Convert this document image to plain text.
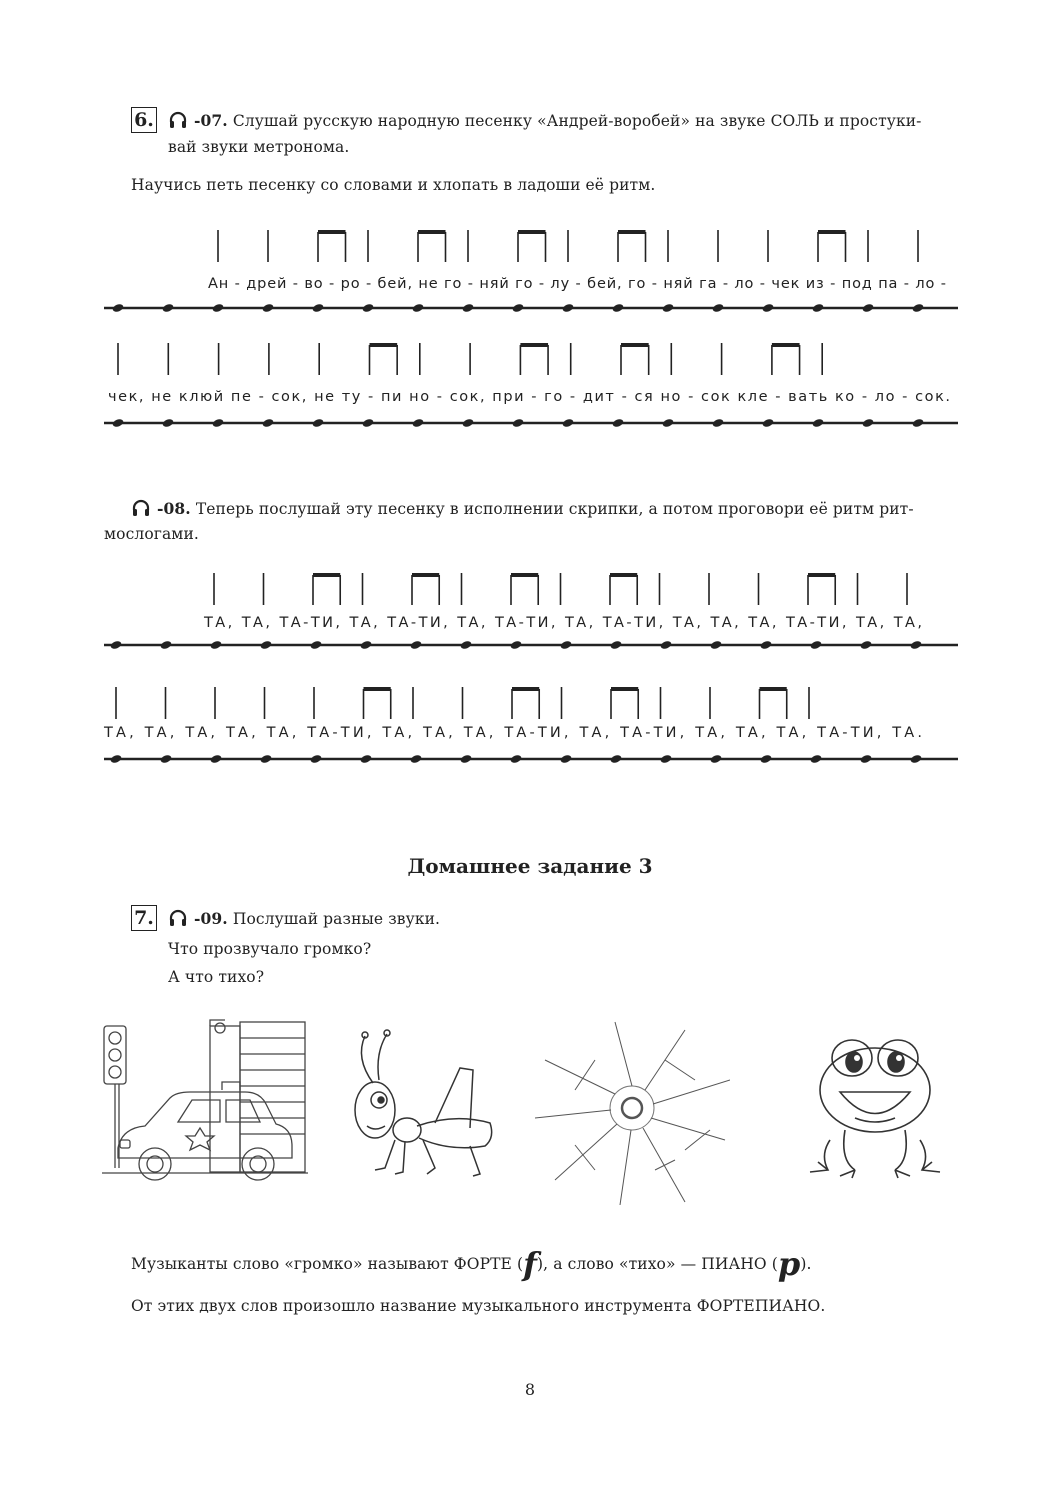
6.	-07. Слушай русскую народную песенку «Андрей-воробей» на звуке СОЛЬ и простуки-
вай звуки метронома.
Научись петь песенку со словами и хлопать в ладоши её ритм.
Ан - дрей - во - ро - бей, не го - няй го - лу - бей, го - няй га - ло - чек из - под па - ло -
чек, не клюй пе - сок, не ту - пи но - сок, при - го - дит - ся но - сок кле - вать ко - ло - сок.
-08. Теперь послушай эту песенку в исполнении скрипки, а потом проговори её ритм рит-
мослогами.
ТА, ТА, ТА-ТИ, ТА, ТА-ТИ, ТА, ТА-ТИ, ТА, ТА-ТИ, ТА, ТА, ТА, ТА-ТИ, ТА, ТА,
ТА, ТА, ТА, ТА, ТА, ТА-ТИ, ТА, ТА, ТА, ТА-ТИ, ТА, ТА-ТИ, ТА, ТА, ТА, ТА-ТИ, ТА.
Домашнее задание 3
7.	-09. Послушай разные звуки.
Что прозвучало громко?
А что тихо?
Музыканты слово «громко» называют ФОРТЕ (f), а слово «тихо» — ПИАНО (p).
От этих двух слов произошло название музыкального инструмента ФОРТЕПИАНО.
8
